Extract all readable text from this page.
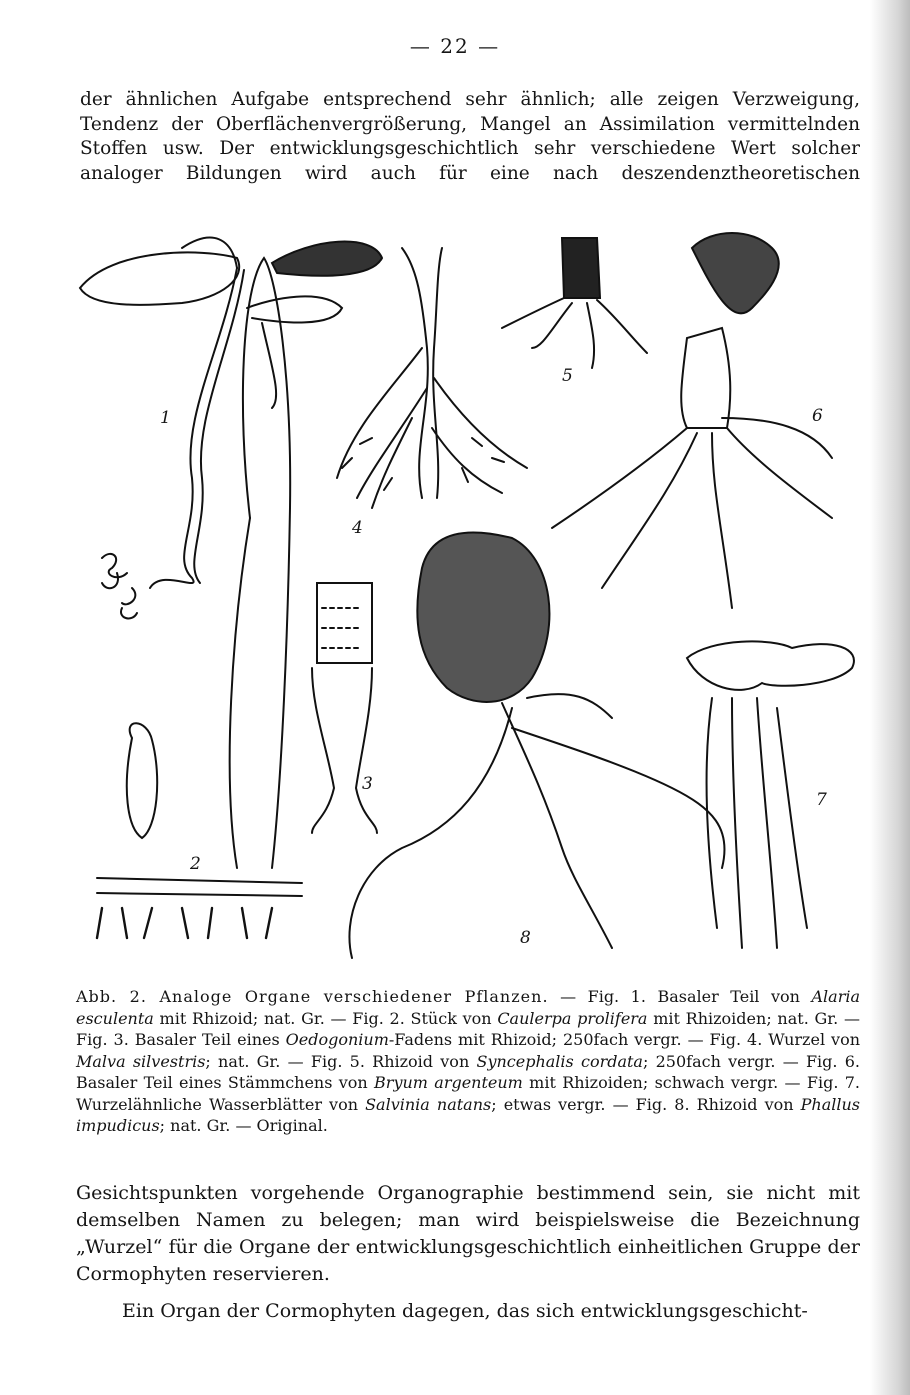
— 22 —

der ähnlichen Aufgabe entsprechend sehr ähnlich; alle zeigen Verzweigung,

Tendenz der Oberflächenvergrößerung, Mangel an Assimilation vermittelnden

Stoffen usw. Der entwicklungsgeschichtlich sehr verschiedene Wert solcher

analoger Bildungen wird auch für eine nach deszendenztheoretischen

1
2
3
4
5
6
7
8
Abb. 2. Analoge Organe verschiedener Pflanzen. — Fig. 1. Basaler Teil von Alaria esculenta mit Rhizoid; nat. Gr. — Fig. 2. Stück von Caulerpa prolifera mit Rhizoiden; nat. Gr. — Fig. 3. Basaler Teil eines Oedogonium-Fadens mit Rhizoid; 250fach vergr. — Fig. 4. Wurzel von Malva silvestris; nat. Gr. — Fig. 5. Rhizoid von Syncephalis cordata; 250fach vergr. — Fig. 6. Basaler Teil eines Stämmchens von Bryum argenteum mit Rhizoiden; schwach vergr. — Fig. 7. Wurzelähnliche Wasserblätter von Salvinia natans; etwas vergr. — Fig. 8. Rhizoid von Phallus impudicus; nat. Gr. — Original.

Gesichtspunkten vorgehende Organographie bestimmend sein, sie nicht mit demselben Namen zu belegen; man wird beispielsweise die Bezeichnung „Wurzel“ für die Organe der entwicklungsgeschichtlich einheitlichen Gruppe der Cormophyten reservieren.

Ein Organ der Cormophyten dagegen, das sich entwicklungsgeschicht-
